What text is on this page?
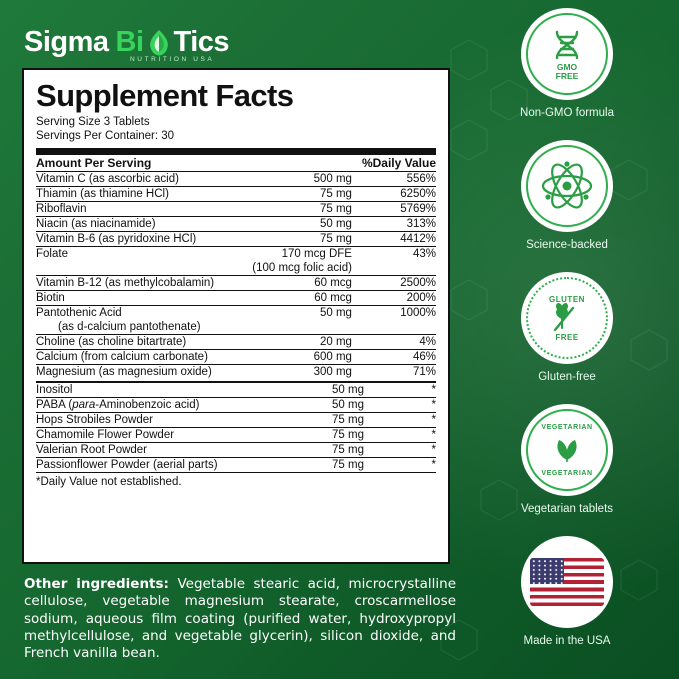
Sigma Bi Tics
NUTRITION USA
Supplement Facts
Serving Size 3 Tablets
Servings Per Container: 30
Amount Per Serving		%Daily Value
Vitamin C (as ascorbic acid)	500 mg	556%
Thiamin (as thiamine HCl)	75 mg	6250%
Riboflavin	75 mg	5769%
Niacin (as niacinamide)	50 mg	313%
Vitamin B-6 (as pyridoxine HCl)	75 mg	4412%
Folate	170 mcg DFE	43%
	(100 mcg folic acid)	
Vitamin B-12 (as methylcobalamin)	60 mcg	2500%
Biotin	60 mcg	200%
Pantothenic Acid	50 mg	1000%
(as d-calcium pantothenate)		
Choline (as choline bitartrate)	20 mg	4%
Calcium (from calcium carbonate)	600 mg	46%
Magnesium (as magnesium oxide)	300 mg	71%
Inositol	50 mg	*
PABA (para-Aminobenzoic acid)	50 mg	*
Hops Strobiles Powder	75 mg	*
Chamomile Flower Powder	75 mg	*
Valerian Root Powder	75 mg	*
Passionflower Powder (aerial parts)	75 mg	*
*Daily Value not established.
Other ingredients: Vegetable stearic acid, microcrystalline cellulose, vegetable magnesium stearate, croscarmellose sodium, aqueous film coating (purified water, hydroxypropyl methylcellulose, and vegetable glycerin), silicon dioxide, and French vanilla bean.
GMO
FREE
Non-GMO formula
Science-backed
GLUTEN
FREE
Gluten-free
VEGETARIAN
VEGETARIAN
Vegetarian tablets
Made in the USA
